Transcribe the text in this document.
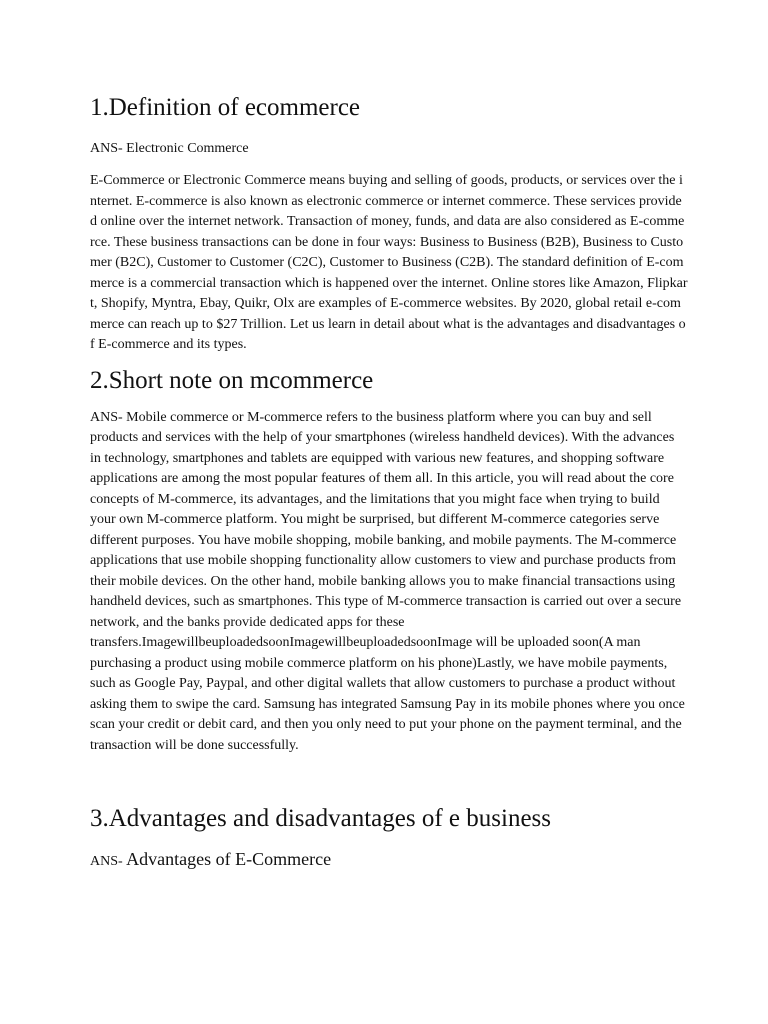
1.Definition of ecommerce

ANS- Electronic Commerce

E-Commerce or Electronic Commerce means buying and selling of goods, products, or services over the internet. E-commerce is also known as electronic commerce or internet commerce. These services provided online over the internet network. Transaction of money, funds, and data are also considered as E-commerce. These business transactions can be done in four ways: Business to Business (B2B), Business to Customer (B2C), Customer to Customer (C2C), Customer to Business (C2B). The standard definition of E-commerce is a commercial transaction which is happened over the internet. Online stores like Amazon, Flipkart, Shopify, Myntra, Ebay, Quikr, Olx are examples of E-commerce websites. By 2020, global retail e-commerce can reach up to $27 Trillion. Let us learn in detail about what is the advantages and disadvantages of E-commerce and its types.

2.Short note on mcommerce

ANS- Mobile commerce or M-commerce refers to the business platform where you can buy and sell products and services with the help of your smartphones (wireless handheld devices). With the advances in technology, smartphones and tablets are equipped with various new features, and shopping software applications are among the most popular features of them all. In this article, you will read about the core concepts of M-commerce, its advantages, and the limitations that you might face when trying to build your own M-commerce platform. You might be surprised, but different M-commerce categories serve different purposes. You have mobile shopping, mobile banking, and mobile payments. The M-commerce applications that use mobile shopping functionality allow customers to view and purchase products from their mobile devices. On the other hand, mobile banking allows you to make financial transactions using handheld devices, such as smartphones. This type of M-commerce transaction is carried out over a secure network, and the banks provide dedicated apps for these transfers.ImagewillbeuploadedsoonImagewillbeuploadedsoonImage will be uploaded soon(A man purchasing a product using mobile commerce platform on his phone)Lastly, we have mobile payments, such as Google Pay, Paypal, and other digital wallets that allow customers to purchase a product without asking them to swipe the card. Samsung has integrated Samsung Pay in its mobile phones where you once scan your credit or debit card, and then you only need to put your phone on the payment terminal, and the transaction will be done successfully.

3.Advantages and disadvantages of e business

ANS- Advantages of E-Commerce
